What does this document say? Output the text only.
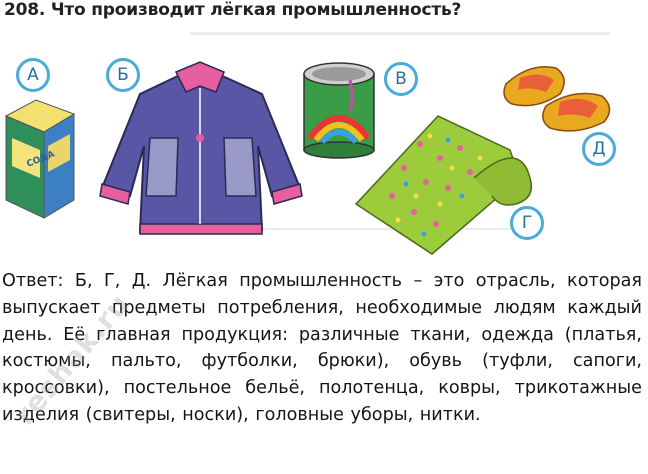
208. Что производит лёгкая промышленность?
СОДА
А	Б	В
Д
Г

Ответ: Б, Г, Д. Лёгкая промышленность – это отрасль, которая выпускает предметы потребления, необходимые людям каждый день. Её главная продукция: различные ткани, одежда (платья, костюмы, пальто, футболки, брюки), обувь (туфли, сапоги, кроссовки), постельное бельё, полотенца, ковры, трикотажные изделия (свитеры, носки), головные уборы, нитки.

reshak.ru
